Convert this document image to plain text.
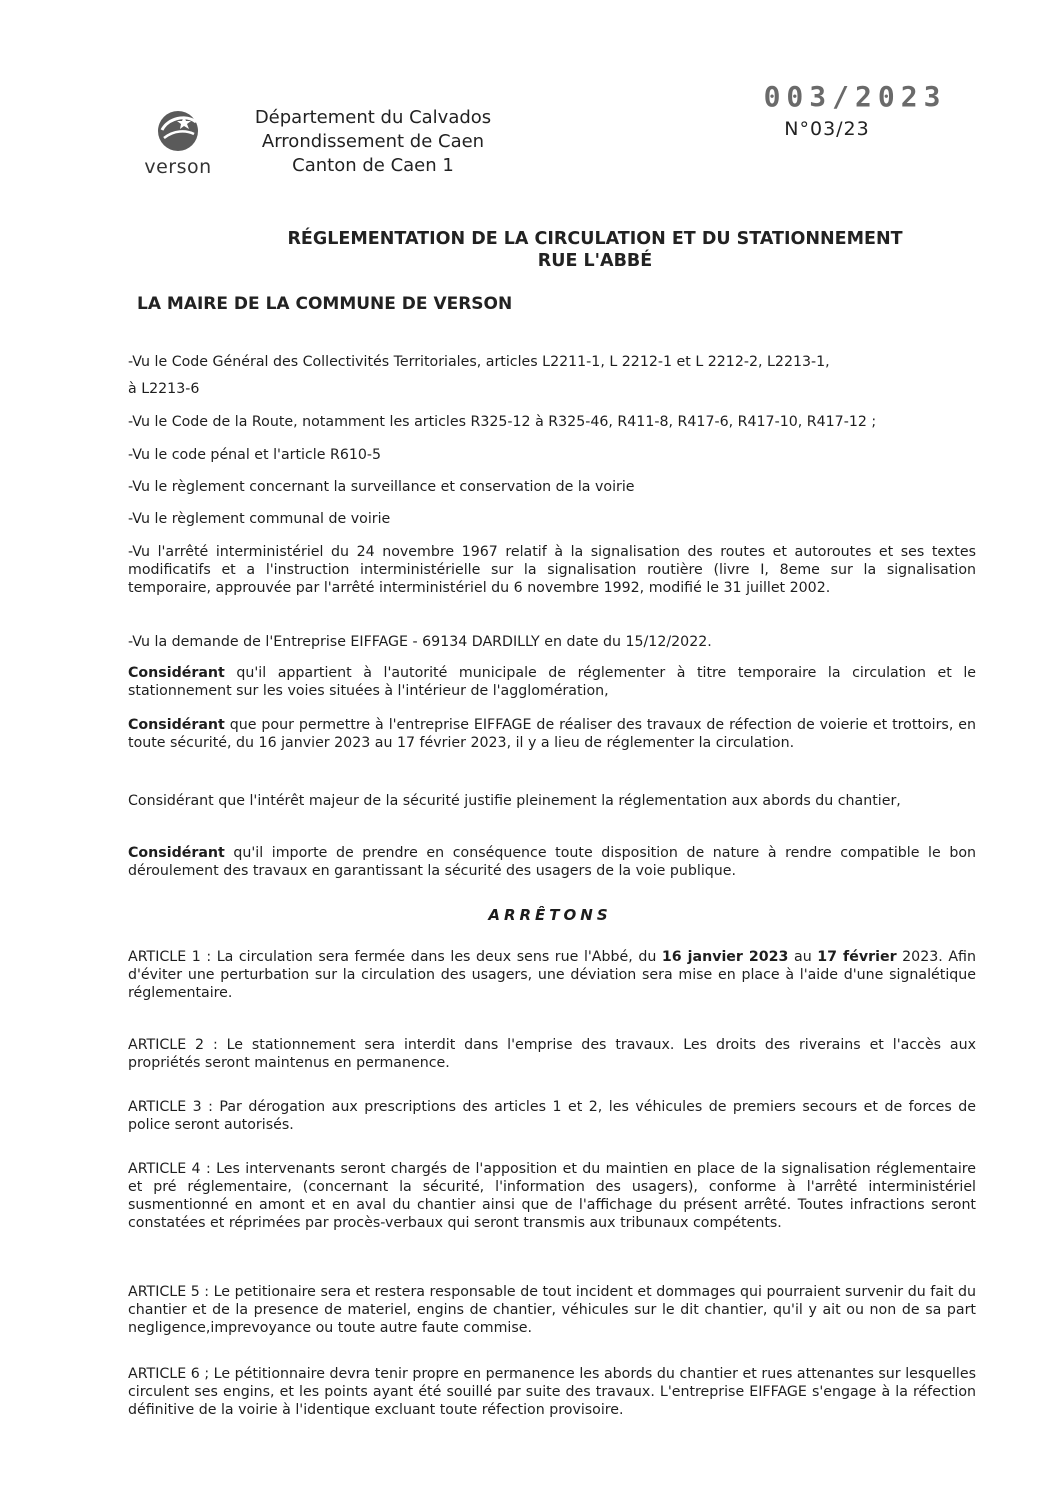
verson
Département du Calvados
Arrondissement de Caen
Canton de Caen 1
003/2023
N°03/23
RÉGLEMENTATION DE LA CIRCULATION ET DU STATIONNEMENT
RUE L'ABBÉ
LA MAIRE DE LA COMMUNE DE VERSON
-Vu le Code Général des Collectivités Territoriales, articles L2211-1, L 2212-1 et L 2212-2, L2213-1,
à L2213-6
-Vu le Code de la Route, notamment les articles R325-12 à R325-46, R411-8, R417-6, R417-10, R417-12 ;
-Vu le code pénal et l'article R610-5
-Vu le règlement concernant la surveillance et conservation de la voirie
-Vu le règlement communal de voirie
-Vu l'arrêté interministériel du 24 novembre 1967 relatif à la signalisation des routes et autoroutes et ses textes modificatifs et a l'instruction interministérielle sur la signalisation routière (livre I, 8eme sur la signalisation temporaire, approuvée par l'arrêté interministériel du 6 novembre 1992, modifié le 31 juillet 2002.
-Vu la demande de l'Entreprise EIFFAGE - 69134 DARDILLY en date du 15/12/2022.
Considérant qu'il appartient à l'autorité municipale de réglementer à titre temporaire la circulation et le stationnement sur les voies situées à l'intérieur de l'agglomération,
Considérant que pour permettre à l'entreprise EIFFAGE de réaliser des travaux de réfection de voierie et trottoirs, en toute sécurité, du 16 janvier 2023 au 17 février 2023, il y a lieu de réglementer la circulation.
Considérant que l'intérêt majeur de la sécurité justifie pleinement la réglementation aux abords du chantier,
Considérant qu'il importe de prendre en conséquence toute disposition de nature à rendre compatible le bon déroulement des travaux en garantissant la sécurité des usagers de la voie publique.
ARRÊTONS
ARTICLE 1 : La circulation sera fermée dans les deux sens rue l'Abbé, du 16 janvier 2023 au 17 février 2023. Afin d'éviter une perturbation sur la circulation des usagers, une déviation sera mise en place à l'aide d'une signalétique réglementaire.
ARTICLE 2 : Le stationnement sera interdit dans l'emprise des travaux. Les droits des riverains et l'accès aux propriétés seront maintenus en permanence.
ARTICLE 3 : Par dérogation aux prescriptions des articles 1 et 2, les véhicules de premiers secours et de forces de police seront autorisés.
ARTICLE 4 : Les intervenants seront chargés de l'apposition et du maintien en place de la signalisation réglementaire et pré réglementaire, (concernant la sécurité, l'information des usagers), conforme à l'arrêté interministériel susmentionné en amont et en aval du chantier ainsi que de l'affichage du présent arrêté. Toutes infractions seront constatées et réprimées par procès-verbaux qui seront transmis aux tribunaux compétents.
ARTICLE 5 : Le petitionaire sera et restera responsable de tout incident et dommages qui pourraient survenir du fait du chantier et de la presence de materiel, engins de chantier, véhicules sur le dit chantier, qu'il y ait ou non de sa part negligence,imprevoyance ou toute autre faute commise.
ARTICLE 6 ; Le pétitionnaire devra tenir propre en permanence les abords du chantier et rues attenantes sur lesquelles circulent ses engins, et les points ayant été souillé par suite des travaux. L'entreprise EIFFAGE s'engage à la réfection définitive de la voirie à l'identique excluant toute réfection provisoire.
